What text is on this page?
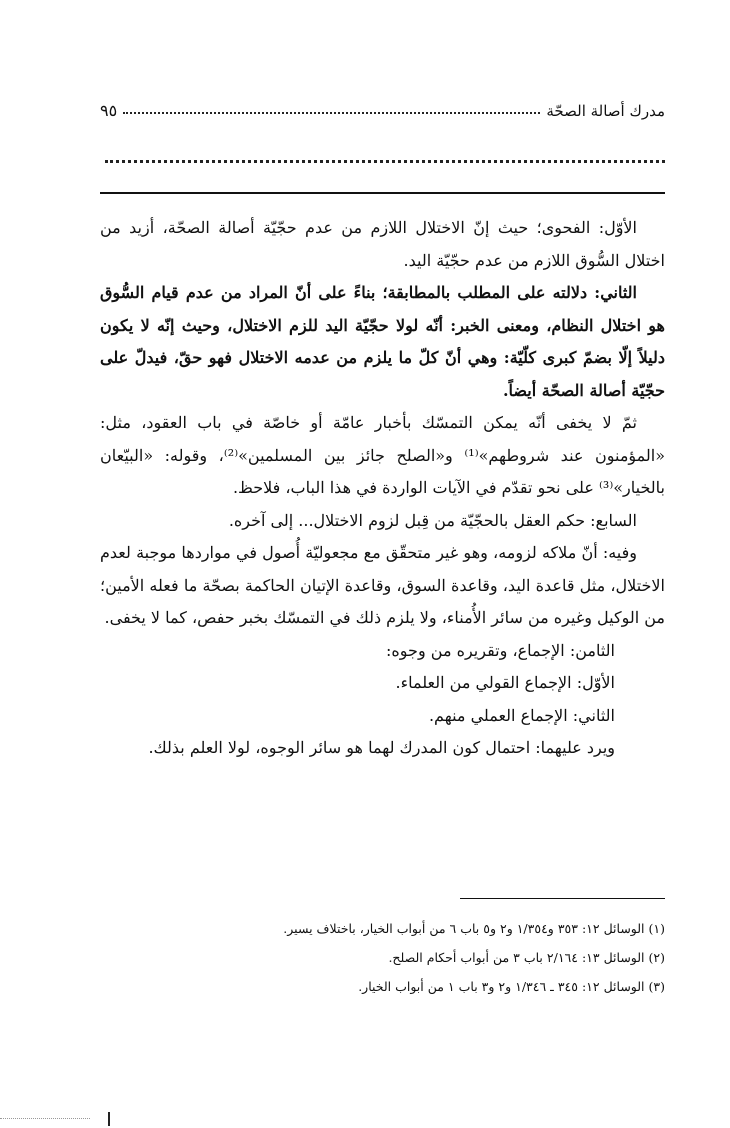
مدرك أصالة الصحّة
٩٥

الأوّل: الفحوى؛ حيث إنّ الاختلال اللازم من عدم حجّيّة أصالة الصحّة، أزيد من اختلال السُّوق اللازم من عدم حجّيّة اليد.

الثاني: دلالته على المطلب بالمطابقة؛ بناءً على أنّ المراد من عدم قيام السُّوق هو اختلال النظام، ومعنى الخبر: أنّه لولا حجّيّة اليد للزم الاختلال، وحيث إنّه لا يكون دليلاً إلّا بضمّ كبرى كلّيّة: وهي أنّ كلّ ما يلزم من عدمه الاختلال فهو حقّ، فيدلّ على حجّيّة أصالة الصحّة أيضاً.

ثمّ لا يخفى أنّه يمكن التمسّك بأخبار عامّة أو خاصّة في باب العقود، مثل: «المؤمنون عند شروطهم»⁽¹⁾ و«الصلح جائز بين المسلمين»⁽²⁾، وقوله: «البيّعان بالخيار»⁽³⁾ على نحو تقدّم في الآيات الواردة في هذا الباب، فلاحظ.

السابع: حكم العقل بالحجّيّة من قِبل لزوم الاختلال... إلى آخره.

وفيه: أنّ ملاكه لزومه، وهو غير متحقّق مع مجعوليّة أُصول في مواردها موجبة لعدم الاختلال، مثل قاعدة اليد، وقاعدة السوق، وقاعدة الإتيان الحاكمة بصحّة ما فعله الأمين؛ من الوكيل وغيره من سائر الأُمناء، ولا يلزم ذلك في التمسّك بخبر حفص، كما لا يخفى.

الثامن: الإجماع، وتقريره من وجوه:

الأوّل: الإجماع القولي من العلماء.

الثاني: الإجماع العملي منهم.

ويرد عليهما: احتمال كون المدرك لهما هو سائر الوجوه، لولا العلم بذلك.

(١) الوسائل ١٢: ٣٥٣ و١/٣٥٤ و٢ و٥ باب ٦ من أبواب الخيار، باختلاف يسير.

(٢) الوسائل ١٣: ٢/١٦٤ باب ٣ من أبواب أحكام الصلح.

(٣) الوسائل ١٢: ٣٤٥ ـ ١/٣٤٦ و٢ و٣ باب ١ من أبواب الخيار.
